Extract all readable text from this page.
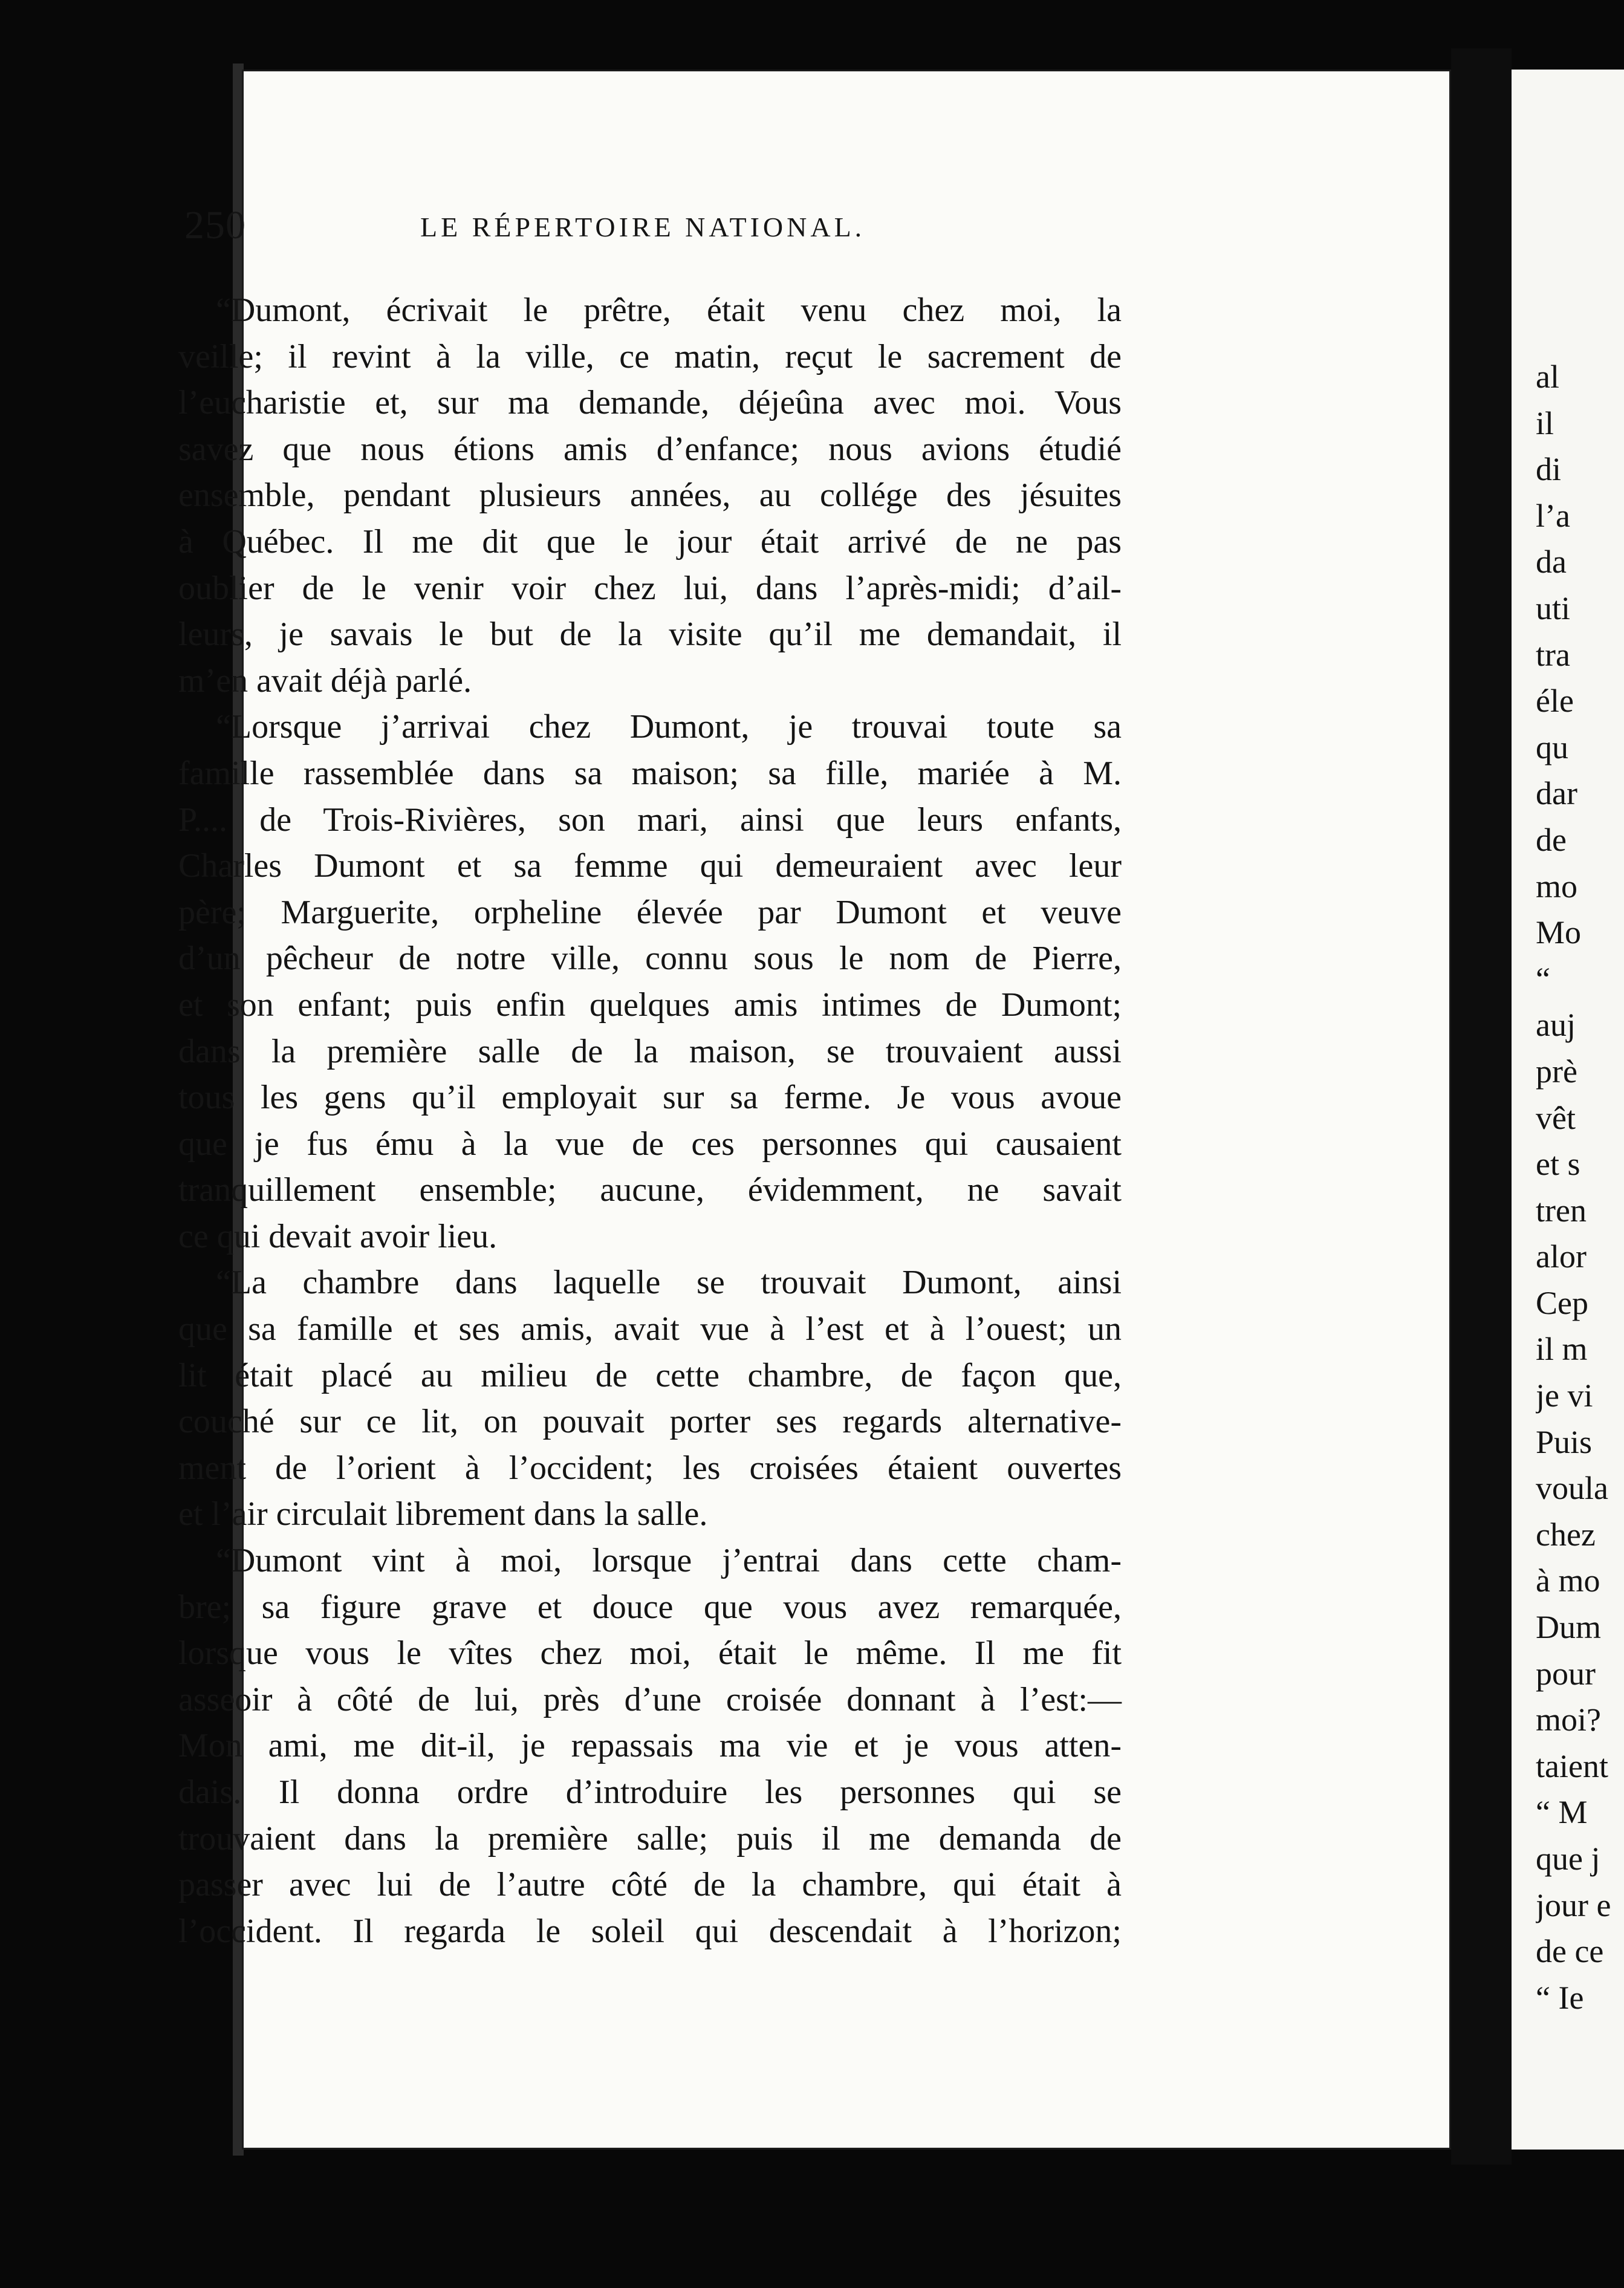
250	LE RÉPERTOIRE NATIONAL.
“Dumont, écrivait le prêtre, était venu chez moi, la
veille; il revint à la ville, ce matin, reçut le sacrement de
l’eucharistie et, sur ma demande, déjeûna avec moi. Vous
savez que nous étions amis d’enfance; nous avions étudié
ensemble, pendant plusieurs années, au collége des jésuites
à Québec. Il me dit que le jour était arrivé de ne pas
oublier de le venir voir chez lui, dans l’après-midi; d’ail-
leurs, je savais le but de la visite qu’il me demandait, il
m’en avait déjà parlé.
“Lorsque j’arrivai chez Dumont, je trouvai toute sa
famille rassemblée dans sa maison; sa fille, mariée à M.
P.... de Trois-Rivières, son mari, ainsi que leurs enfants,
Charles Dumont et sa femme qui demeuraient avec leur
père; Marguerite, orpheline élevée par Dumont et veuve
d’un pêcheur de notre ville, connu sous le nom de Pierre,
et son enfant; puis enfin quelques amis intimes de Dumont;
dans la première salle de la maison, se trouvaient aussi
tous les gens qu’il employait sur sa ferme. Je vous avoue
que je fus ému à la vue de ces personnes qui causaient
tranquillement ensemble; aucune, évidemment, ne savait
ce qui devait avoir lieu.
“La chambre dans laquelle se trouvait Dumont, ainsi
que sa famille et ses amis, avait vue à l’est et à l’ouest; un
lit était placé au milieu de cette chambre, de façon que,
couché sur ce lit, on pouvait porter ses regards alternative-
ment de l’orient à l’occident; les croisées étaient ouvertes
et l’air circulait librement dans la salle.
“Dumont vint à moi, lorsque j’entrai dans cette cham-
bre; sa figure grave et douce que vous avez remarquée,
lorsque vous le vîtes chez moi, était le même. Il me fit
asseoir à côté de lui, près d’une croisée donnant à l’est:—
Mon ami, me dit-il, je repassais ma vie et je vous atten-
dais. Il donna ordre d’introduire les personnes qui se
trouvaient dans la première salle; puis il me demanda de
passer avec lui de l’autre côté de la chambre, qui était à
l’occident. Il regarda le soleil qui descendait à l’horizon;
al
il
di
l’a
da
uti
tra
éle
qu
dar
de
mo
Mo
“
auj
prè
vêt
et s
tren
alor
Cep
il m
je vi
Puis
voula
chez
à mo
Dum
pour
moi?
taient
“ M
que j
jour e
de ce
“ Ie
